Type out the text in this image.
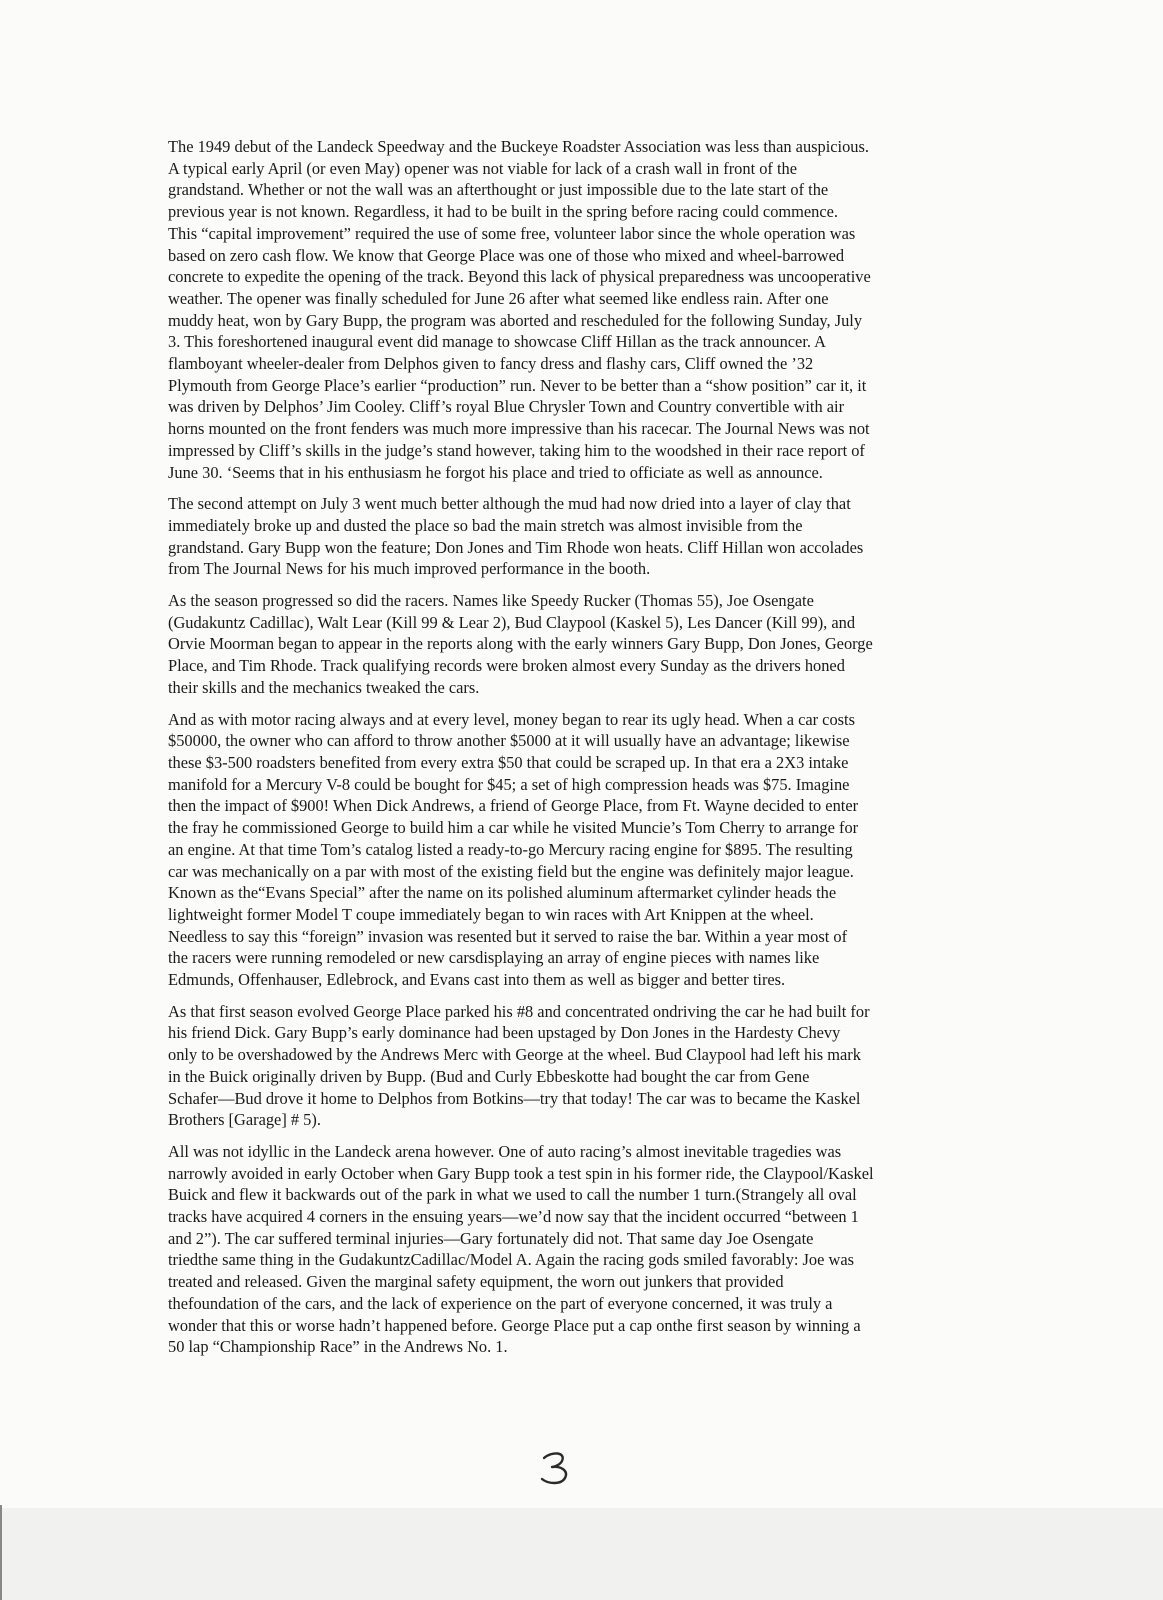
The 1949 debut of the Landeck Speedway and the Buckeye Roadster Association was less than auspicious.
A typical early April (or even May) opener was not viable for lack of a crash wall in front of the
grandstand. Whether or not the wall was an afterthought or just impossible due to the late start of the
previous year is not known. Regardless, it had to be built in the spring before racing could commence.
This “capital improvement” required the use of some free, volunteer labor since the whole operation was
based on zero cash flow. We know that George Place was one of those who mixed and wheel-barrowed
concrete to expedite the opening of the track. Beyond this lack of physical preparedness was uncooperative
weather. The opener was finally scheduled for June 26 after what seemed like endless rain. After one
muddy heat, won by Gary Bupp, the program was aborted and rescheduled for the following Sunday, July
3. This foreshortened inaugural event did manage to showcase Cliff Hillan as the track announcer. A
flamboyant wheeler-dealer from Delphos given to fancy dress and flashy cars, Cliff owned the ’32
Plymouth from George Place’s earlier “production” run. Never to be better than a “show position” car it, it
was driven by Delphos’ Jim Cooley. Cliff’s royal Blue Chrysler Town and Country convertible with air
horns mounted on the front fenders was much more impressive than his racecar. The Journal News was not
impressed by Cliff’s skills in the judge’s stand however, taking him to the woodshed in their race report of
June 30. ‘Seems that in his enthusiasm he forgot his place and tried to officiate as well as announce.

The second attempt on July 3 went much better although the mud had now dried into a layer of clay that
immediately broke up and dusted the place so bad the main stretch was almost invisible from the
grandstand. Gary Bupp won the feature; Don Jones and Tim Rhode won heats. Cliff Hillan won accolades
from The Journal News for his much improved performance in the booth.

As the season progressed so did the racers. Names like Speedy Rucker (Thomas 55), Joe Osengate
(Gudakuntz Cadillac), Walt Lear (Kill 99 & Lear 2), Bud Claypool (Kaskel 5), Les Dancer (Kill 99), and
Orvie Moorman began to appear in the reports along with the early winners Gary Bupp, Don Jones, George
Place, and Tim Rhode. Track qualifying records were broken almost every Sunday as the drivers honed
their skills and the mechanics tweaked the cars.

And as with motor racing always and at every level, money began to rear its ugly head. When a car costs
$50000, the owner who can afford to throw another $5000 at it will usually have an advantage; likewise
these $3-500 roadsters benefited from every extra $50 that could be scraped up. In that era a 2X3 intake
manifold for a Mercury V-8 could be bought for $45; a set of high compression heads was $75. Imagine
then the impact of $900! When Dick Andrews, a friend of George Place, from Ft. Wayne decided to enter
the fray he commissioned George to build him a car while he visited Muncie’s Tom Cherry to arrange for
an engine. At that time Tom’s catalog listed a ready-to-go Mercury racing engine for $895. The resulting
car was mechanically on a par with most of the existing field but the engine was definitely major league.
Known as the“Evans Special” after the name on its polished aluminum aftermarket cylinder heads the
lightweight former Model T coupe immediately began to win races with Art Knippen at the wheel.
Needless to say this “foreign” invasion was resented but it served to raise the bar. Within a year most of
the racers were running remodeled or new carsdisplaying an array of engine pieces with names like
Edmunds, Offenhauser, Edlebrock, and Evans cast into them as well as bigger and better tires.

As that first season evolved George Place parked his #8 and concentrated ondriving the car he had built for
his friend Dick. Gary Bupp’s early dominance had been upstaged by Don Jones in the Hardesty Chevy
only to be overshadowed by the Andrews Merc with George at the wheel. Bud Claypool had left his mark
in the Buick originally driven by Bupp. (Bud and Curly Ebbeskotte had bought the car from Gene
Schafer—Bud drove it home to Delphos from Botkins—try that today! The car was to became the Kaskel
Brothers [Garage] # 5).

All was not idyllic in the Landeck arena however. One of auto racing’s almost inevitable tragedies was
narrowly avoided in early October when Gary Bupp took a test spin in his former ride, the Claypool/Kaskel
Buick and flew it backwards out of the park in what we used to call the number 1 turn.(Strangely all oval
tracks have acquired 4 corners in the ensuing years—we’d now say that the incident occurred “between 1
and 2”). The car suffered terminal injuries—Gary fortunately did not. That same day Joe Osengate
triedthe same thing in the GudakuntzCadillac/Model A. Again the racing gods smiled favorably: Joe was
treated and released. Given the marginal safety equipment, the worn out junkers that provided
thefoundation of the cars, and the lack of experience on the part of everyone concerned, it was truly a
wonder that this or worse hadn’t happened before. George Place put a cap onthe first season by winning a
50 lap “Championship Race” in the Andrews No. 1.
